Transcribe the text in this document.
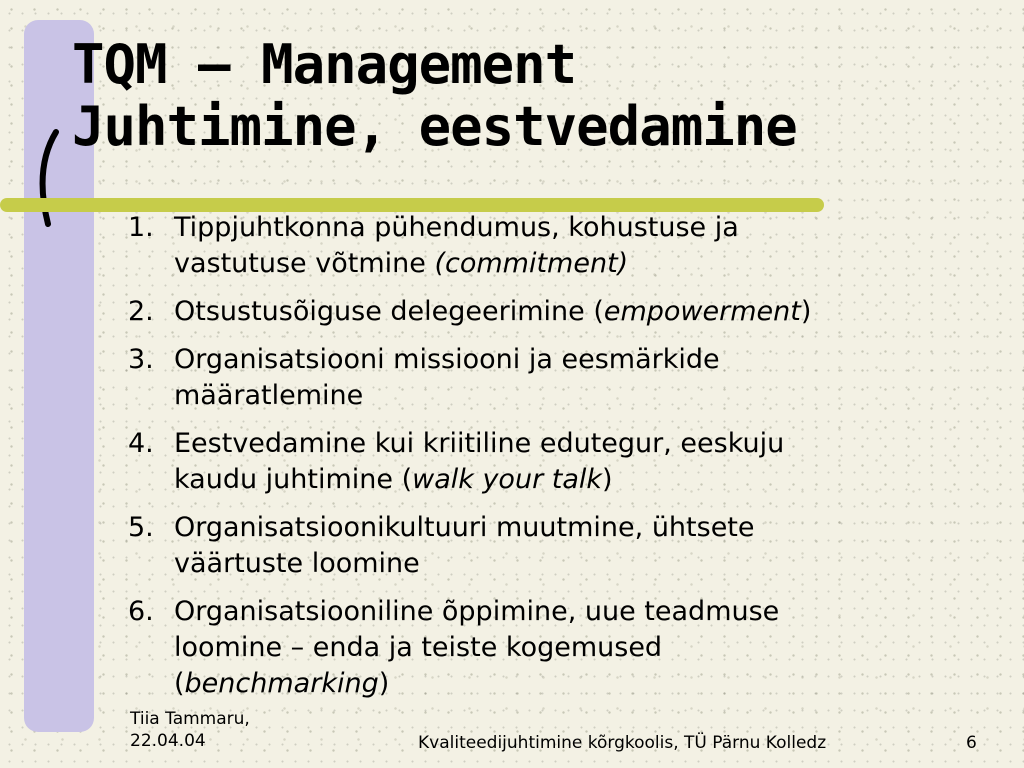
TQM – Management
Juhtimine, eestvedamine
1. Tippjuhtkonna pühendumus, kohustuse ja
vastutuse võtmine (commitment)
2. Otsustusõiguse delegeerimine (empowerment)
3. Organisatsiooni missiooni ja eesmärkide
määratlemine
4. Eestvedamine kui kriitiline edutegur, eeskuju
kaudu juhtimine (walk your talk)
5. Organisatsioonikultuuri muutmine, ühtsete
väärtuste loomine
6. Organisatsiooniline õppimine, uue teadmuse
loomine – enda ja teiste kogemused
(benchmarking)
Tiia Tammaru,
22.04.04	Kvaliteedijuhtimine kõrgkoolis, TÜ Pärnu Kolledz	6
